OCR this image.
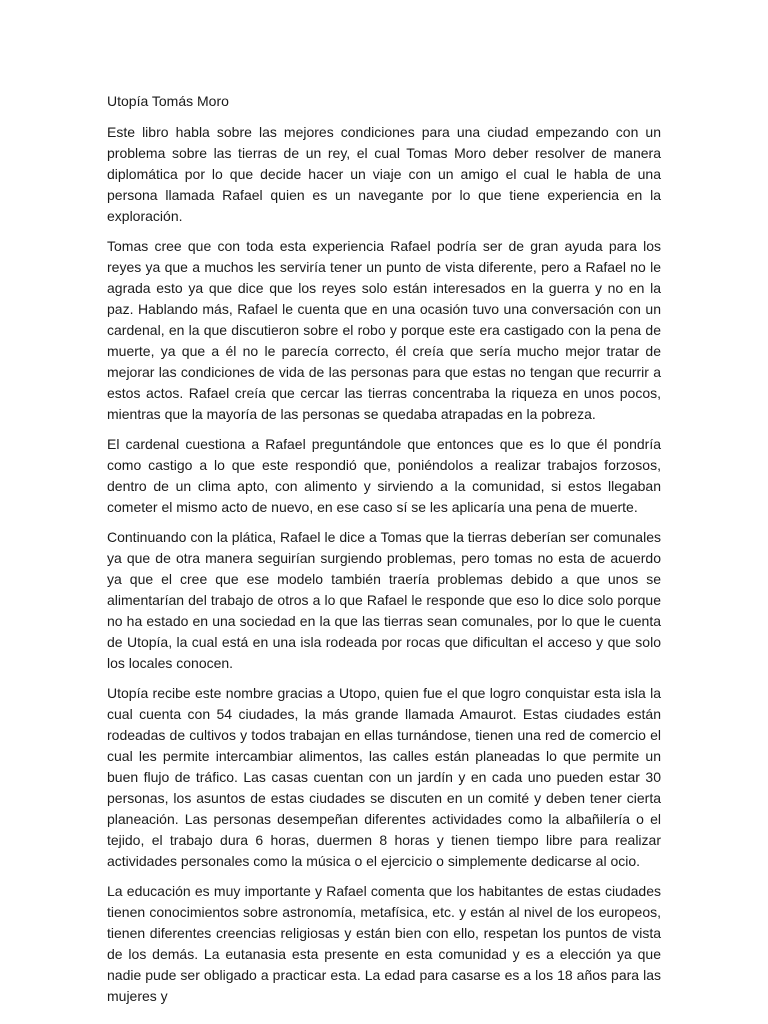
Utopía Tomás Moro

Este libro habla sobre las mejores condiciones para una ciudad empezando con un problema sobre las tierras de un rey, el cual Tomas Moro deber resolver de manera diplomática por lo que decide hacer un viaje con un amigo el cual le habla de una persona llamada Rafael quien es un navegante por lo que tiene experiencia en la exploración.

Tomas cree que con toda esta experiencia Rafael podría ser de gran ayuda para los reyes ya que a muchos les serviría tener un punto de vista diferente, pero a Rafael no le agrada esto ya que dice que los reyes solo están interesados en la guerra y no en la paz. Hablando más, Rafael le cuenta que en una ocasión tuvo una conversación con un cardenal, en la que discutieron sobre el robo y porque este era castigado con la pena de muerte, ya que a él no le parecía correcto, él creía que sería mucho mejor tratar de mejorar las condiciones de vida de las personas para que estas no tengan que recurrir a estos actos. Rafael creía que cercar las tierras concentraba la riqueza en unos pocos, mientras que la mayoría de las personas se quedaba atrapadas en la pobreza.

El cardenal cuestiona a Rafael preguntándole que entonces que es lo que él pondría como castigo a lo que este respondió que, poniéndolos a realizar trabajos forzosos, dentro de un clima apto, con alimento y sirviendo a la comunidad, si estos llegaban cometer el mismo acto de nuevo, en ese caso sí se les aplicaría una pena de muerte.

Continuando con la plática, Rafael le dice a Tomas que la tierras deberían ser comunales ya que de otra manera seguirían surgiendo problemas, pero tomas no esta de acuerdo ya que el cree que ese modelo también traería problemas debido a que unos se alimentarían del trabajo de otros a lo que Rafael le responde que eso lo dice solo porque no ha estado en una sociedad en la que las tierras sean comunales, por lo que le cuenta de Utopía, la cual está en una isla rodeada por rocas que dificultan el acceso y que solo los locales conocen.

Utopía recibe este nombre gracias a Utopo, quien fue el que logro conquistar esta isla la cual cuenta con 54 ciudades, la más grande llamada Amaurot. Estas ciudades están rodeadas de cultivos y todos trabajan en ellas turnándose, tienen una red de comercio el cual les permite intercambiar alimentos, las calles están planeadas lo que permite un buen flujo de tráfico. Las casas cuentan con un jardín y en cada uno pueden estar 30 personas, los asuntos de estas ciudades se discuten en un comité y deben tener cierta planeación. Las personas desempeñan diferentes actividades como la albañilería o el tejido, el trabajo dura 6 horas, duermen 8 horas y tienen tiempo libre para realizar actividades personales como la música o el ejercicio o simplemente dedicarse al ocio.

La educación es muy importante y Rafael comenta que los habitantes de estas ciudades tienen conocimientos sobre astronomía, metafísica, etc. y están al nivel de los europeos, tienen diferentes creencias religiosas y están bien con ello, respetan los puntos de vista de los demás. La eutanasia esta presente en esta comunidad y es a elección ya que nadie pude ser obligado a practicar esta. La edad para casarse es a los 18 años para las mujeres y
